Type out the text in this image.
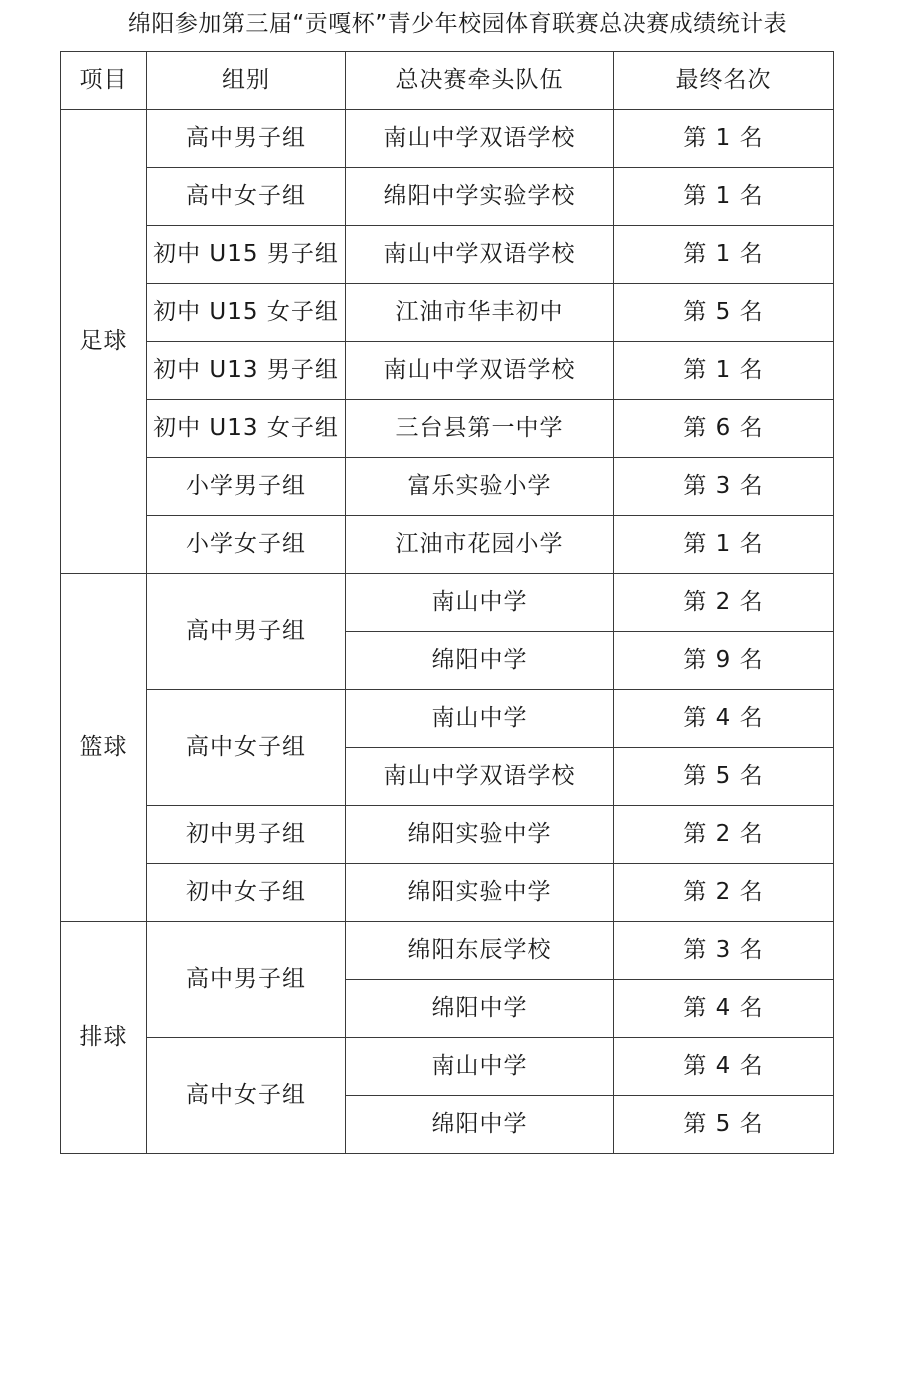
绵阳参加第三届“贡嘎杯”青少年校园体育联赛总决赛成绩统计表
项目	组别	总决赛牵头队伍	最终名次
足球	高中男子组	南山中学双语学校	第 1 名
	高中女子组	绵阳中学实验学校	第 1 名
	初中 U15 男子组	南山中学双语学校	第 1 名

	初中 U15 女子组	江油市华丰初中	第 5 名

	初中 U13 男子组	南山中学双语学校	第 1 名

	初中 U13 女子组	三台县第一中学	第 6 名

	小学男子组	富乐实验小学	第 3 名
	小学女子组	江油市花园小学	第 1 名
篮球	高中男子组	南山中学	第 2 名
		绵阳中学	第 9 名
	高中女子组	南山中学	第 4 名
		南山中学双语学校	第 5 名
	初中男子组	绵阳实验中学	第 2 名
	初中女子组	绵阳实验中学	第 2 名
排球	高中男子组	绵阳东辰学校	第 3 名
		绵阳中学	第 4 名
	高中女子组	南山中学	第 4 名
		绵阳中学	第 5 名
